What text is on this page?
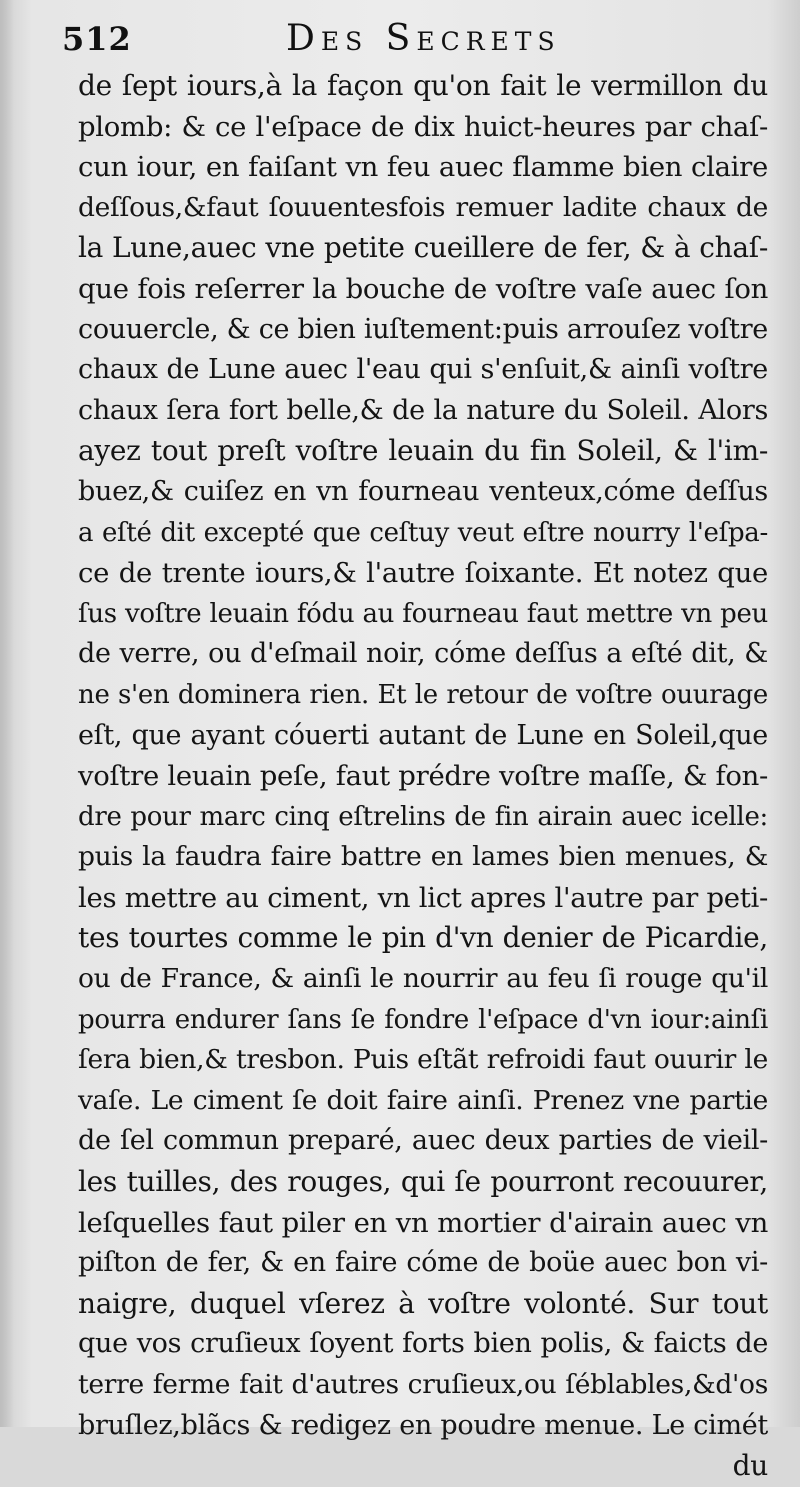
512	Des Secrets
de ſept iours,à la façon qu'on fait le vermillon du
plomb: & ce l'eſpace de dix huict-heures par chaſ-
cun iour, en faiſant vn feu auec flamme bien claire
deſſous,&faut ſouuentesfois remuer ladite chaux de
la Lune,auec vne petite cueillere de fer, & à chaſ-
que fois reſerrer la bouche de voſtre vaſe auec ſon
couuercle, & ce bien iuſtement:puis arrouſez voſtre
chaux de Lune auec l'eau qui s'enſuit,& ainſi voſtre
chaux ſera fort belle,& de la nature du Soleil. Alors
ayez tout preſt voſtre leuain du fin Soleil, & l'im-
buez,& cuiſez en vn fourneau venteux,cóme deſſus
a eſté dit excepté que ceſtuy veut eſtre nourry l'eſpa-
ce de trente iours,& l'autre ſoixante. Et notez que
ſus voſtre leuain fódu au fourneau faut mettre vn peu
de verre, ou d'eſmail noir, cóme deſſus a eſté dit, &
ne s'en dominera rien. Et le retour de voſtre ouurage
eſt, que ayant cóuerti autant de Lune en Soleil,que
voſtre leuain peſe, faut prédre voſtre maſſe, & fon-
dre pour marc cinq eſtrelins de fin airain auec icelle:
puis la faudra faire battre en lames bien menues, &
les mettre au ciment, vn lict apres l'autre par peti-
tes tourtes comme le pin d'vn denier de Picardie,
ou de France, & ainſi le nourrir au feu ſi rouge qu'il
pourra endurer ſans ſe fondre l'eſpace d'vn iour:ainſi
ſera bien,& tresbon. Puis eſtãt refroidi faut ouurir le
vaſe. Le ciment ſe doit faire ainſi. Prenez vne partie
de ſel commun preparé, auec deux parties de vieil-
les tuilles, des rouges, qui ſe pourront recouurer,
leſquelles faut piler en vn mortier d'airain auec vn
piſton de fer, & en faire cóme de boüe auec bon vi-
naigre, duquel vſerez à voſtre volonté. Sur tout
que vos cruſieux ſoyent forts bien polis, & faicts de
terre ferme fait d'autres cruſieux,ou ſéblables,&d'os
bruſlez,blãcs & redigez en poudre menue. Le cimét
du
